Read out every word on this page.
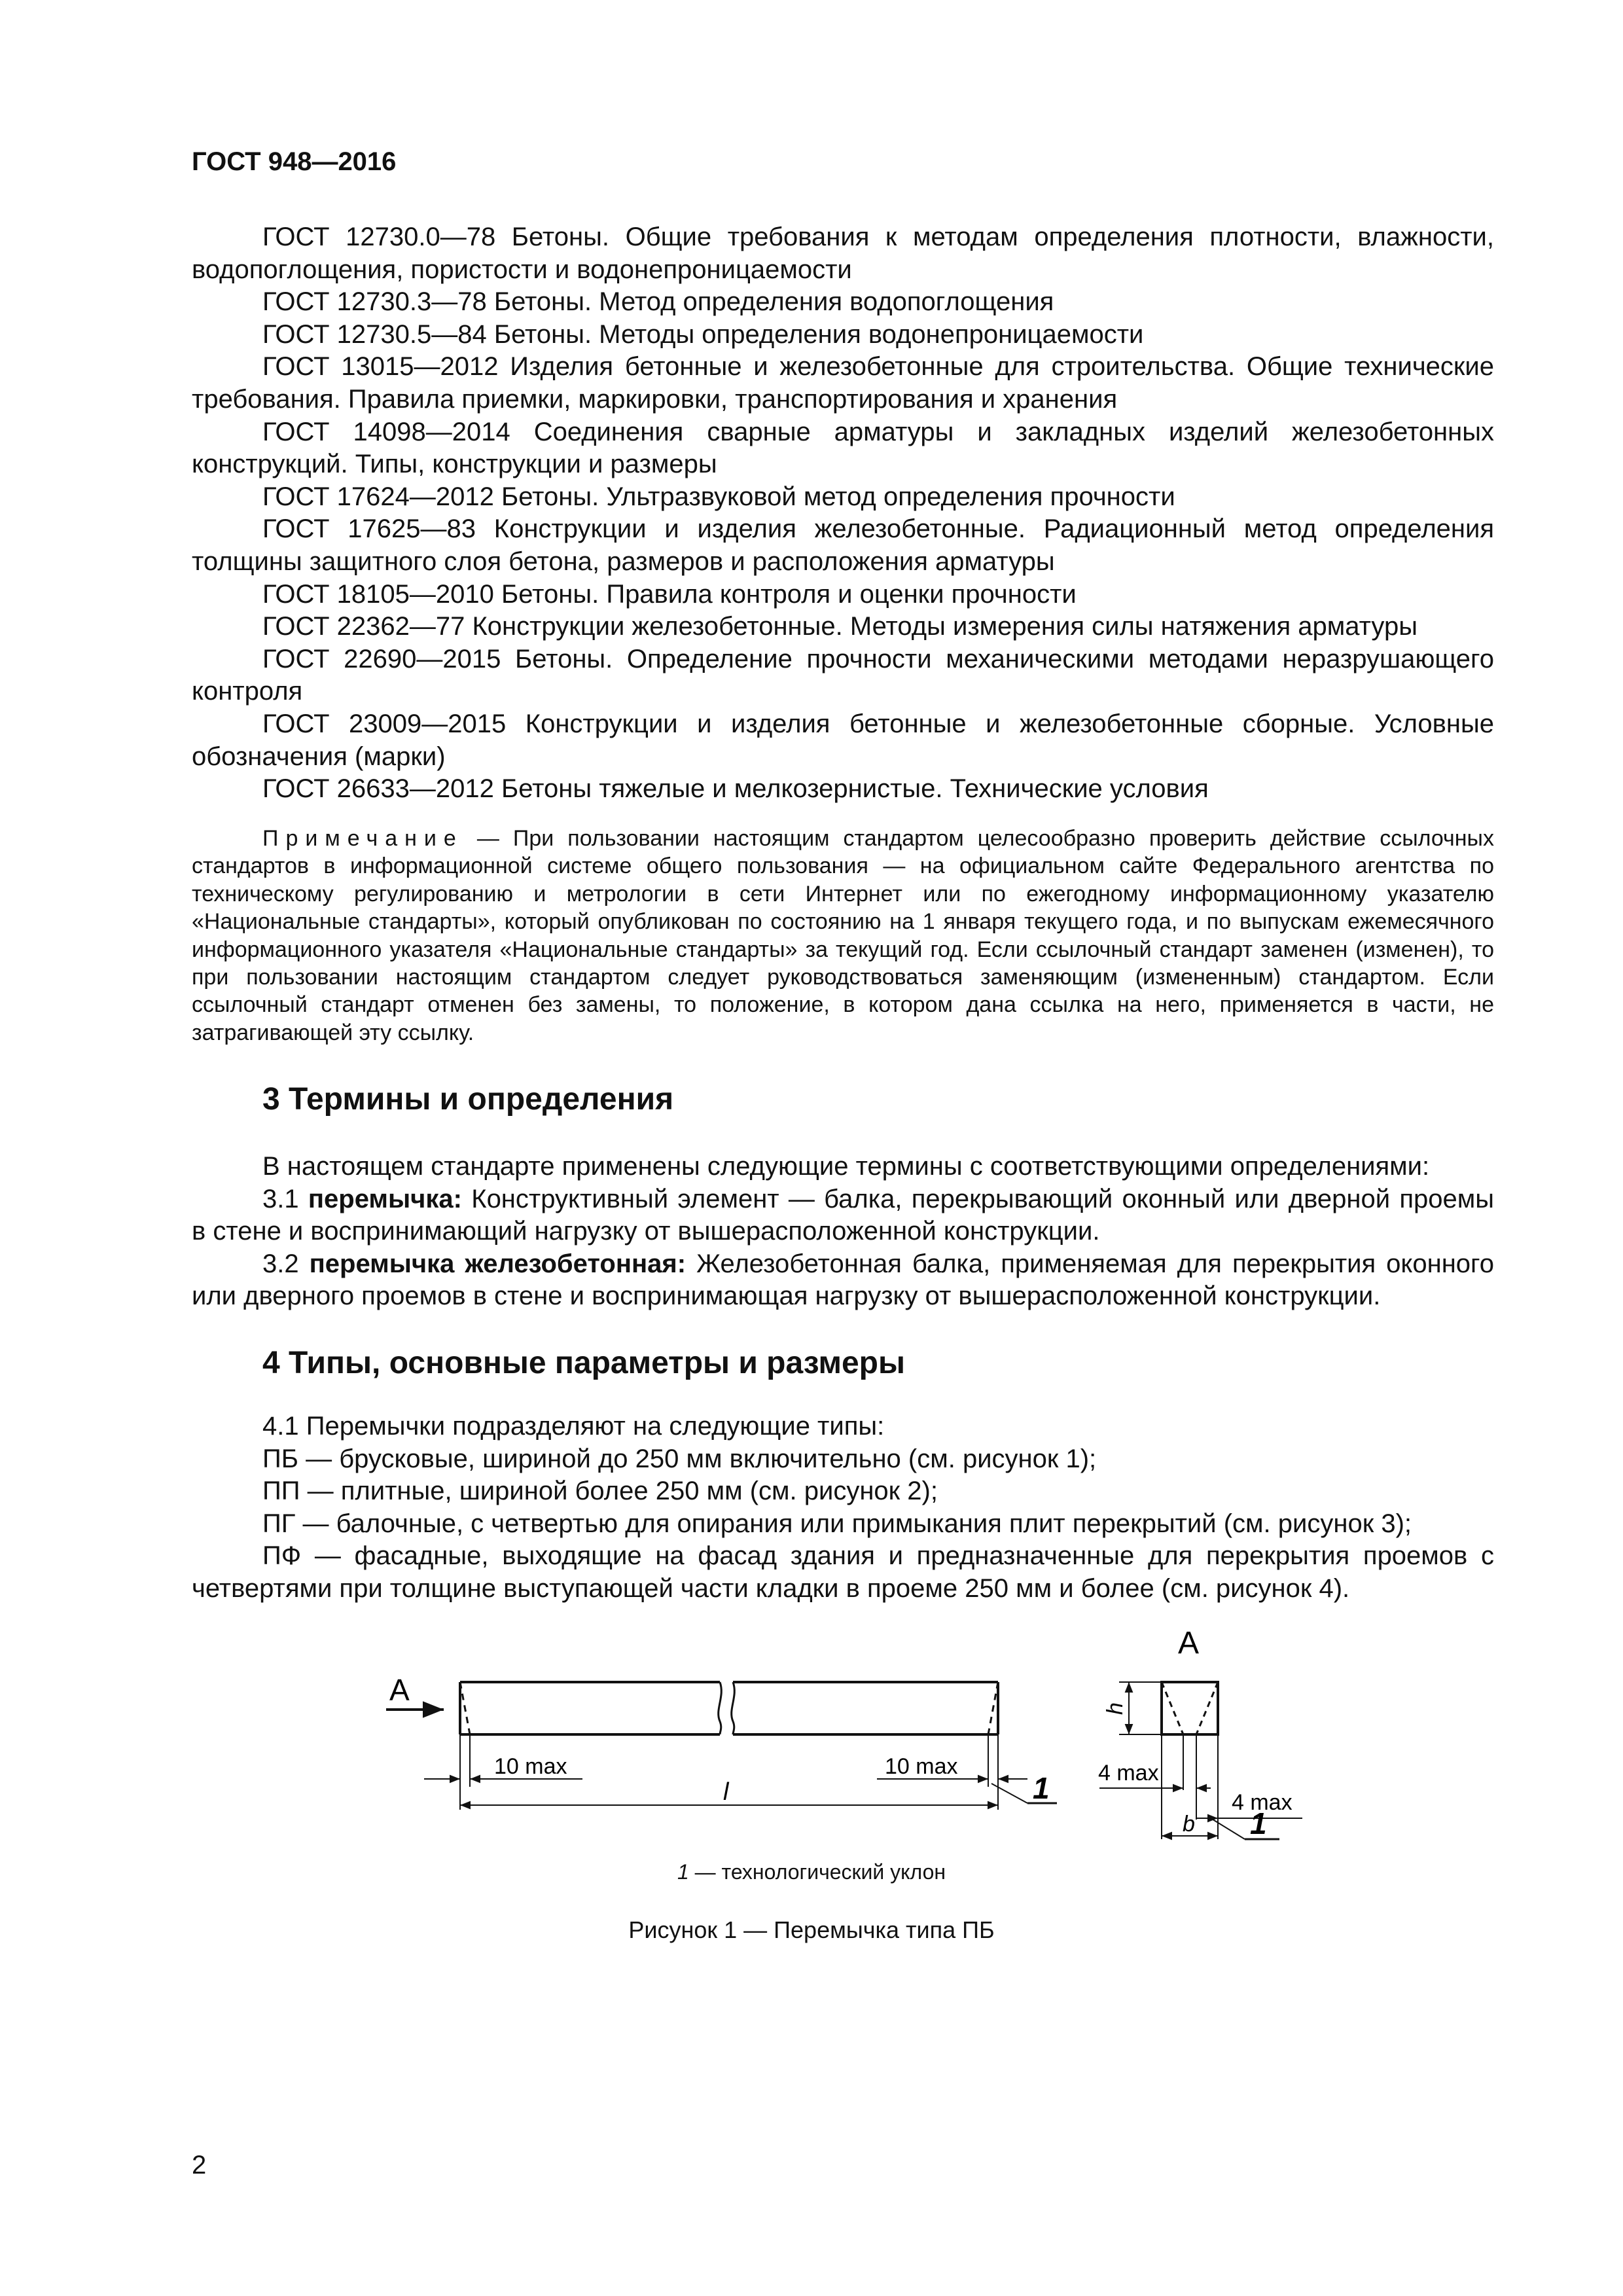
ГОСТ 948—2016

ГОСТ 12730.0—78 Бетоны. Общие требования к методам определения плотности, влажности, водопоглощения, пористости и водонепроницаемости

ГОСТ 12730.3—78 Бетоны. Метод определения водопоглощения

ГОСТ 12730.5—84 Бетоны. Методы определения водонепроницаемости

ГОСТ 13015—2012 Изделия бетонные и железобетонные для строительства. Общие технические требования. Правила приемки, маркировки, транспортирования и хранения

ГОСТ 14098—2014 Соединения сварные арматуры и закладных изделий железобетонных конструкций. Типы, конструкции и размеры

ГОСТ 17624—2012 Бетоны. Ультразвуковой метод определения прочности

ГОСТ 17625—83 Конструкции и изделия железобетонные. Радиационный метод определения толщины защитного слоя бетона, размеров и расположения арматуры

ГОСТ 18105—2010 Бетоны. Правила контроля и оценки прочности

ГОСТ 22362—77 Конструкции железобетонные. Методы измерения силы натяжения арматуры

ГОСТ 22690—2015 Бетоны. Определение прочности механическими методами неразрушающего контроля

ГОСТ 23009—2015 Конструкции и изделия бетонные и железобетонные сборные. Условные обозначения (марки)

ГОСТ 26633—2012 Бетоны тяжелые и мелкозернистые. Технические условия

Примечание — При пользовании настоящим стандартом целесообразно проверить действие ссылочных стандартов в информационной системе общего пользования — на официальном сайте Федерального агентства по техническому регулированию и метрологии в сети Интернет или по ежегодному информационному указателю «Национальные стандарты», который опубликован по состоянию на 1 января текущего года, и по выпускам ежемесячного информационного указателя «Национальные стандарты» за текущий год. Если ссылочный стандарт заменен (изменен), то при пользовании настоящим стандартом следует руководствоваться заменяющим (измененным) стандартом. Если ссылочный стандарт отменен без замены, то положение, в котором дана ссылка на него, применяется в части, не затрагивающей эту ссылку.
3 Термины и определения

В настоящем стандарте применены следующие термины с соответствующими определениями:

3.1 перемычка: Конструктивный элемент — балка, перекрывающий оконный или дверной проемы в стене и воспринимающий нагрузку от вышерасположенной конструкции.

3.2 перемычка железобетонная: Железобетонная балка, применяемая для перекрытия оконного или дверного проемов в стене и воспринимающая нагрузку от вышерасположенной конструкции.

4 Типы, основные параметры и размеры

4.1 Перемычки подразделяют на следующие типы:

ПБ — брусковые, шириной до 250 мм включительно (см. рисунок 1);

ПП — плитные, шириной более 250 мм (см. рисунок 2);

ПГ — балочные, с четвертью для опирания или примыкания плит перекрытий (см. рисунок 3);

ПФ — фасадные, выходящие на фасад здания и предназначенные для перекрытия проемов с четвертями при толщине выступающей части кладки в проеме 250 мм и более (см. рисунок 4).

А
10 max	10 max
l	1
А
h
4 max
4 max
b 1
1 — технологический уклон
Рисунок 1 — Перемычка типа ПБ
2
